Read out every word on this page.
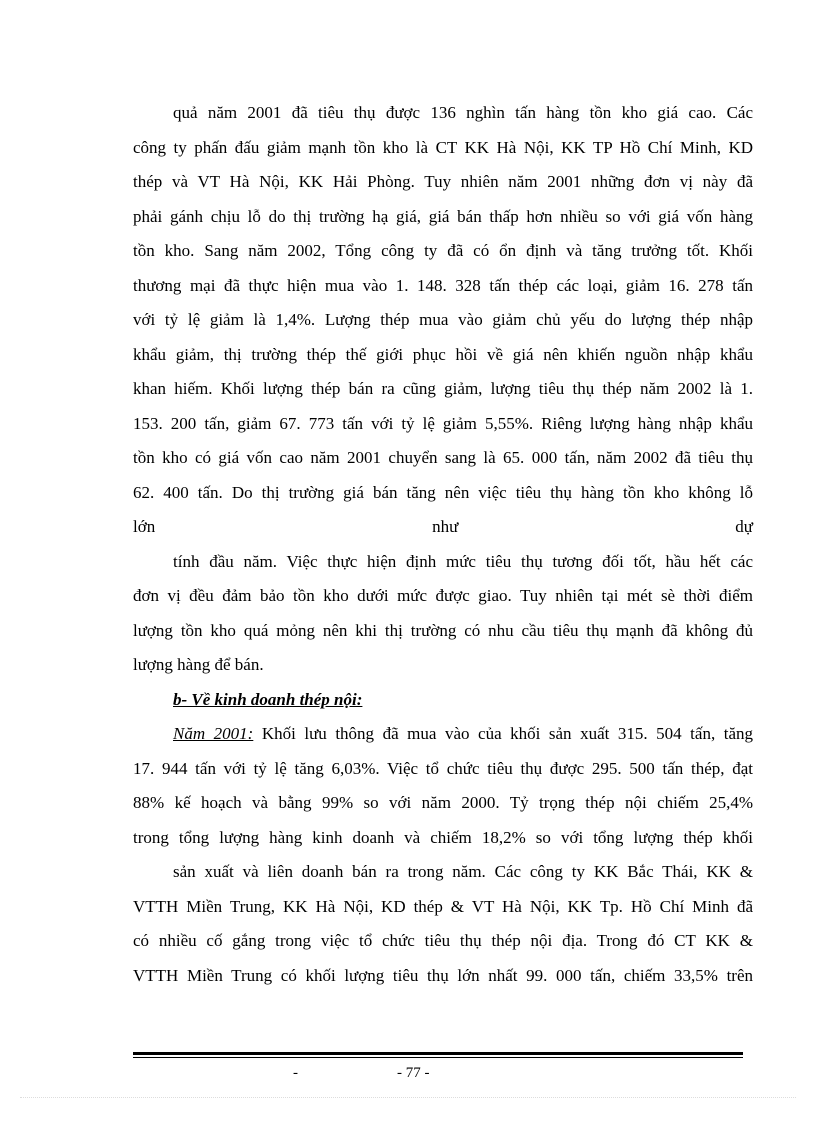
quả năm 2001 đã tiêu thụ được 136 nghìn tấn hàng tồn kho giá cao. Các
công ty phấn đấu giảm mạnh tồn kho là CT KK Hà Nội, KK TP Hồ Chí Minh, KD
thép và VT Hà Nội, KK Hải Phòng. Tuy nhiên năm 2001 những đơn vị này đã
phải gánh chịu lỗ do thị trường hạ giá, giá bán thấp hơn nhiều so với giá vốn hàng
tồn kho. Sang năm 2002, Tổng công ty đã có ổn định và tăng trưởng tốt. Khối
thương mại đã thực hiện mua vào 1. 148. 328 tấn thép các loại, giảm 16. 278 tấn
với tỷ lệ giảm là 1,4%. Lượng thép mua vào giảm chủ yếu do lượng thép nhập
khẩu giảm, thị trường thép thế giới phục hồi về giá nên khiến nguồn nhập khẩu
khan hiếm. Khối lượng thép bán ra cũng giảm, lượng tiêu thụ thép năm 2002 là 1.
153. 200 tấn, giảm 67. 773 tấn với tỷ lệ giảm 5,55%. Riêng lượng hàng nhập khẩu
tồn kho có giá vốn cao năm 2001 chuyển sang là 65. 000 tấn, năm 2002 đã tiêu thụ
62. 400 tấn. Do thị trường giá bán tăng nên việc tiêu thụ hàng tồn kho không lỗ
lớn như dự
tính đầu năm. Việc thực hiện định mức tiêu thụ tương đối tốt, hầu hết các
đơn vị đều đảm bảo tồn kho dưới mức được giao. Tuy nhiên tại mét sè thời điểm
lượng tồn kho quá mỏng nên khi thị trường có nhu cầu tiêu thụ mạnh đã không đủ
lượng hàng để bán.
b- Về kinh doanh thép nội:
Năm 2001: Khối lưu thông đã mua vào của khối sản xuất 315. 504 tấn, tăng
17. 944 tấn với tỷ lệ tăng 6,03%. Việc tổ chức tiêu thụ được 295. 500 tấn thép, đạt
88% kế hoạch và bằng 99% so với năm 2000. Tỷ trọng thép nội chiếm 25,4%
trong tổng lượng hàng kinh doanh và chiếm 18,2% so với tổng lượng thép khối
sản xuất và liên doanh bán ra trong năm. Các công ty KK Bắc Thái, KK &
VTTH Miền Trung, KK Hà Nội, KD thép & VT Hà Nội, KK Tp. Hồ Chí Minh đã
có nhiều cố gắng trong việc tổ chức tiêu thụ thép nội địa. Trong đó CT KK &
VTTH Miền Trung có khối lượng tiêu thụ lớn nhất 99. 000 tấn, chiếm 33,5% trên
-	- 77 -
